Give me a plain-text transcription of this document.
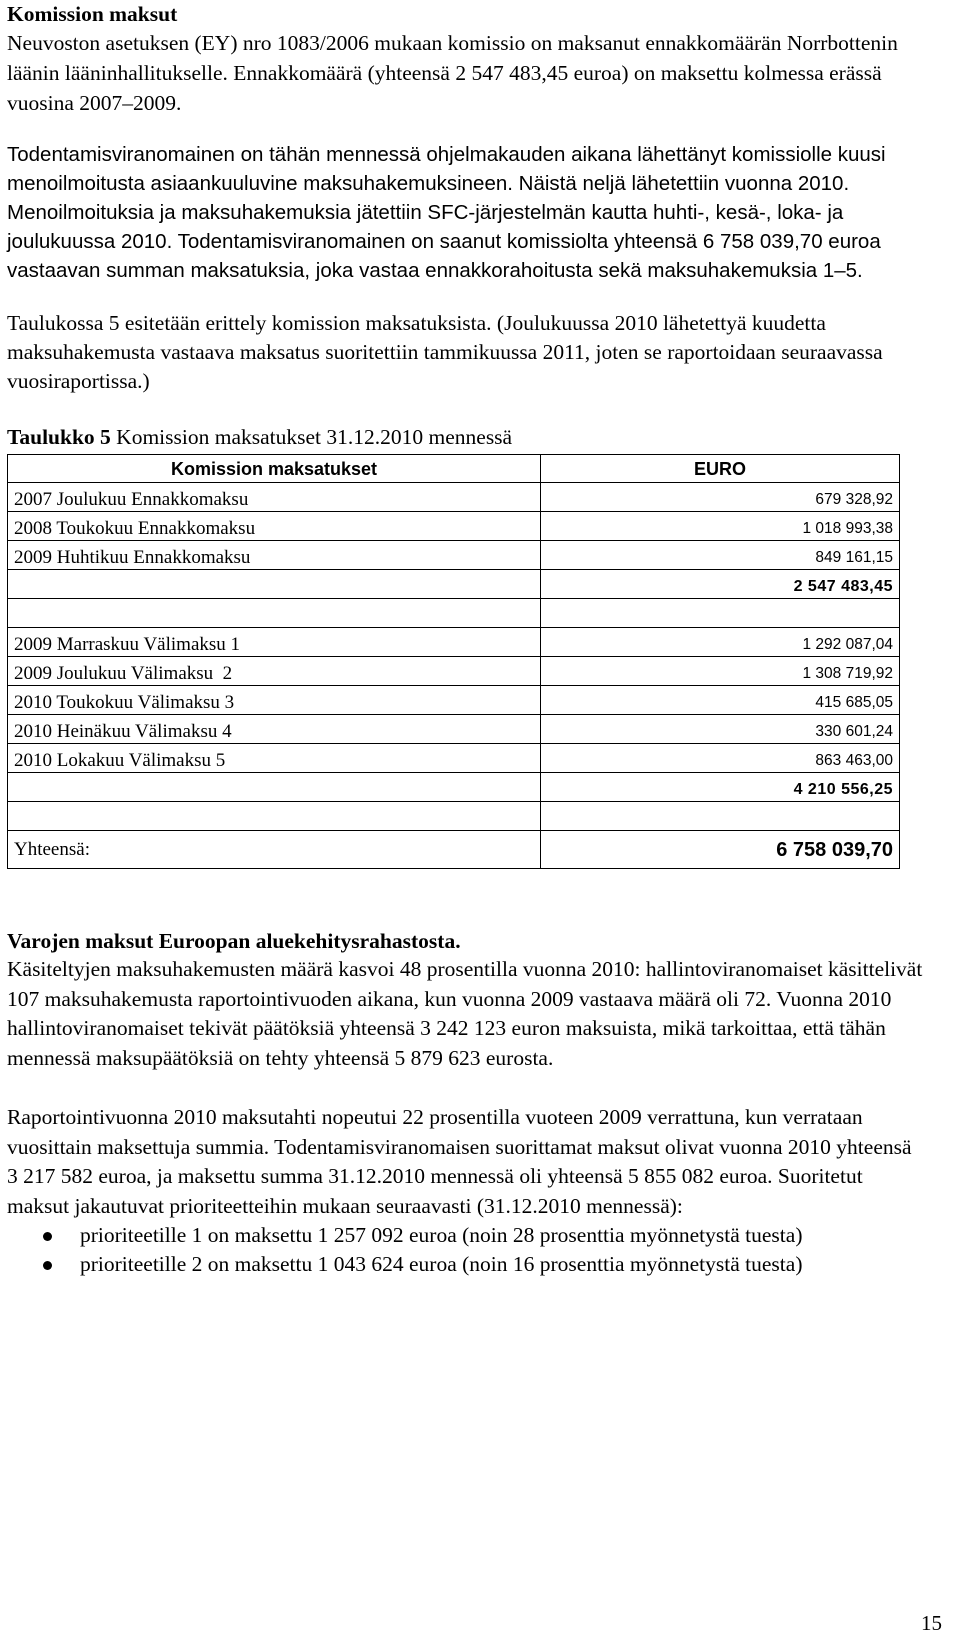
Komission maksut

Neuvoston asetuksen (EY) nro 1083/2006 mukaan komissio on maksanut ennakkomäärän Norrbottenin läänin lääninhallitukselle. Ennakkomäärä (yhteensä 2 547 483,45 euroa) on maksettu kolmessa erässä vuosina 2007–2009.

Todentamisviranomainen on tähän mennessä ohjelmakauden aikana lähettänyt komissiolle kuusi menoilmoitusta asiaankuuluvine maksuhakemuksineen. Näistä neljä lähetettiin vuonna 2010. Menoilmoituksia ja maksuhakemuksia jätettiin SFC-järjestelmän kautta huhti-, kesä-, loka- ja joulukuussa 2010. Todentamisviranomainen on saanut komissiolta yhteensä 6 758 039,70 euroa vastaavan summan maksatuksia, joka vastaa ennakkorahoitusta sekä maksuhakemuksia 1–5.

Taulukossa 5 esitetään erittely komission maksatuksista. (Joulukuussa 2010 lähetettyä kuudetta maksuhakemusta vastaava maksatus suoritettiin tammikuussa 2011, joten se raportoidaan seuraavassa vuosiraportissa.)

Taulukko 5 Komission maksatukset 31.12.2010 mennessä
Komission maksatukset	EURO
2007 Joulukuu Ennakkomaksu	679 328,92
2008 Toukokuu Ennakkomaksu	1 018 993,38
2009 Huhtikuu Ennakkomaksu	849 161,15
	2 547 483,45

2009 Marraskuu Välimaksu 1	1 292 087,04
2009 Joulukuu Välimaksu  2	1 308 719,92
2010 Toukokuu Välimaksu 3	415 685,05
2010 Heinäkuu Välimaksu 4	330 601,24
2010 Lokakuu Välimaksu 5	863 463,00
	4 210 556,25

Yhteensä:	6 758 039,70
Varojen maksut Euroopan aluekehitysrahastosta.

Käsiteltyjen maksuhakemusten määrä kasvoi 48 prosentilla vuonna 2010: hallintoviranomaiset käsittelivät 107 maksuhakemusta raportointivuoden aikana, kun vuonna 2009 vastaava määrä oli 72. Vuonna 2010 hallintoviranomaiset tekivät päätöksiä yhteensä 3 242 123 euron maksuista, mikä tarkoittaa, että tähän mennessä maksupäätöksiä on tehty yhteensä 5 879 623 eurosta.

Raportointivuonna 2010 maksutahti nopeutui 22 prosentilla vuoteen 2009 verrattuna, kun verrataan vuosittain maksettuja summia. Todentamisviranomaisen suorittamat maksut olivat vuonna 2010 yhteensä 3 217 582 euroa, ja maksettu summa 31.12.2010 mennessä oli yhteensä 5 855 082 euroa. Suoritetut maksut jakautuvat prioriteetteihin mukaan seuraavasti (31.12.2010 mennessä):

prioriteetille 1 on maksettu 1 257 092 euroa (noin 28 prosenttia myönnetystä tuesta)
prioriteetille 2 on maksettu 1 043 624 euroa (noin 16 prosenttia myönnetystä tuesta)
15
